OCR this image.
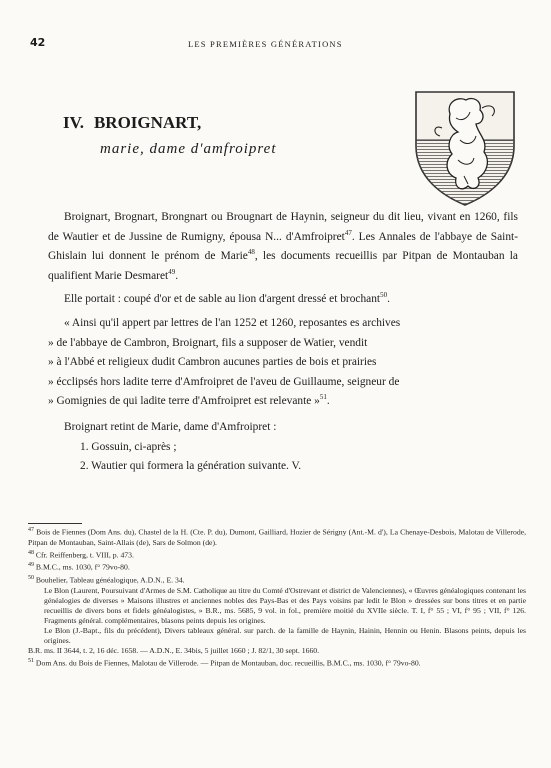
42	LES PREMIÈRES GÉNÉRATIONS
IV. BROIGNART,
marie, dame d'amfroipret

Broignart, Brognart, Brongnart ou Brougnart de Haynin, seigneur du dit lieu, vivant en 1260, fils de Wautier et de Jussine de Rumigny, épousa N... d'Amfroipret$^{47}$. Les Annales de l'abbaye de Saint-Ghislain lui donnent le prénom de Marie$^{48}$, les documents recueillis par Pitpan de Montauban la qualifient Marie Desmaret$^{49}$.

Elle portait : coupé d'or et de sable au lion d'argent dressé et brochant$^{50}$.

« Ainsi qu'il appert par lettres de l'an 1252 et 1260, reposantes es archives
» de l'abbaye de Cambron, Broignart, fils a supposer de Watier, vendit
» à l'Abbé et religieux dudit Cambron aucunes parties de bois et prairies
» écclipsés hors ladite terre d'Amfroipret de l'aveu de Guillaume, seigneur de
» Gomignies de qui ladite terre d'Amfroipret est relevante »$^{51}$.

Broignart retint de Marie, dame d'Amfroipret :

1. Gossuin, ci-après ;
2. Wautier qui formera la génération suivante. V.

$^{47}$ Bois de Fiennes (Dom Ans. du), Chastel de la H. (Cte. P. du), Dumont, Gailliard, Hozier de Sérigny (Ant.-M. d'), La Chenaye-Desbois, Malotau de Villerode, Pitpan de Montauban, Saint-Allais (de), Sars de Solmon (de).

$^{48}$ Cfr. Reiffenberg, t. VIII, p. 473.

$^{49}$ B.M.C., ms. 1030, f° 79vo-80.

$^{50}$ Bouhelier, Tableau généalogique, A.D.N., E. 34.

Le Blon (Laurent, Poursuivant d'Armes de S.M. Catholique au titre du Comté d'Ostrevant et district de Valenciennes), « Œuvres généalogiques contenant les généalogies de diverses » Maisons illustres et anciennes nobles des Pays-Bas et des Pays voisins par ledit le Blon » dressées sur bons titres et en partie recueillis de divers bons et fidels généalogistes, » B.R., ms. 5685, 9 vol. in fol., première moitié du XVIIe siècle. T. I, f° 55 ; VI, f° 95 ; VII, f° 126. Fragments général. complémentaires, blasons peints depuis les origines.

Le Blon (J.-Bapt., fils du précédent), Divers tableaux général. sur parch. de la famille de Haynin, Hainin, Hennin ou Henin. Blasons peints, depuis les origines.

B.R. ms. II 3644, t. 2, 16 déc. 1658. — A.D.N., E. 34bis, 5 juillet 1660 ; J. 82/1, 30 sept. 1660.

$^{51}$ Dom Ans. du Bois de Fiennes, Malotau de Villerode. — Pitpan de Montauban, doc. recueillis, B.M.C., ms. 1030, f° 79vo-80.
